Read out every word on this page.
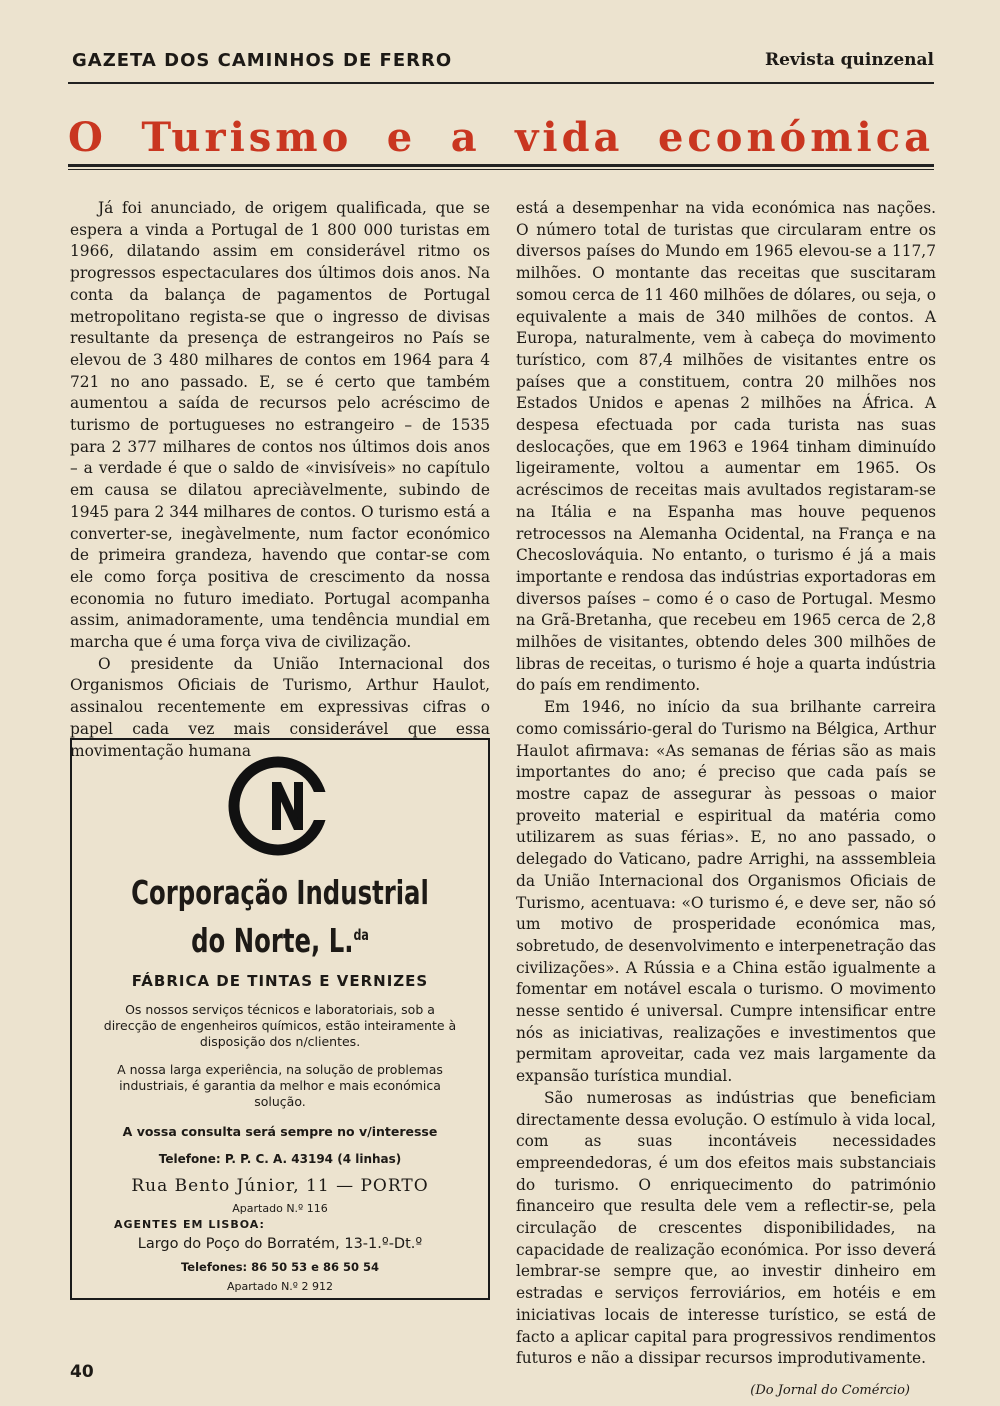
GAZETA DOS CAMINHOS DE FERRO	Revista quinzenal
O Turismo e a vida económica

Já foi anunciado, de origem qualificada, que se espera a vinda a Portugal de 1 800 000 turistas em 1966, dilatando assim em considerável ritmo os progressos espectaculares dos últimos dois anos. Na conta da balança de pagamentos de Portugal metropolitano regista-se que o ingresso de divisas resultante da presença de estrangeiros no País se elevou de 3 480 milhares de contos em 1964 para 4 721 no ano passado. E, se é certo que também aumentou a saída de recursos pelo acréscimo de turismo de portugueses no estrangeiro – de 1535 para 2 377 milhares de contos nos últimos dois anos – a verdade é que o saldo de «invisíveis» no capítulo em causa se dilatou apreciàvelmente, subindo de 1945 para 2 344 milhares de contos. O turismo está a converter-se, inegàvelmente, num factor económico de primeira grandeza, havendo que contar-se com ele como força positiva de crescimento da nossa economia no futuro imediato. Portugal acompanha assim, animadoramente, uma tendência mundial em marcha que é uma força viva de civilização.

O presidente da União Internacional dos Organismos Oficiais de Turismo, Arthur Haulot, assinalou recentemente em expressivas cifras o papel cada vez mais considerável que essa movimentação humana

está a desempenhar na vida económica nas nações. O número total de turistas que circularam entre os diversos países do Mundo em 1965 elevou-se a 117,7 milhões. O montante das receitas que suscitaram somou cerca de 11 460 milhões de dólares, ou seja, o equivalente a mais de 340 milhões de contos. A Europa, naturalmente, vem à cabeça do movimento turístico, com 87,4 milhões de visitantes entre os países que a constituem, contra 20 milhões nos Estados Unidos e apenas 2 milhões na África. A despesa efectuada por cada turista nas suas deslocações, que em 1963 e 1964 tinham diminuído ligeiramente, voltou a aumentar em 1965. Os acréscimos de receitas mais avultados registaram-se na Itália e na Espanha mas houve pequenos retrocessos na Alemanha Ocidental, na França e na Checoslováquia. No entanto, o turismo é já a mais importante e rendosa das indústrias exportadoras em diversos países – como é o caso de Portugal. Mesmo na Grã-Bretanha, que recebeu em 1965 cerca de 2,8 milhões de visitantes, obtendo deles 300 milhões de libras de receitas, o turismo é hoje a quarta indústria do país em rendimento.

Em 1946, no início da sua brilhante carreira como comissário-geral do Turismo na Bélgica, Arthur Haulot afirmava: «As semanas de férias são as mais importantes do ano; é preciso que cada país se mostre capaz de assegurar às pessoas o maior proveito material e espiritual da matéria como utilizarem as suas férias». E, no ano passado, o delegado do Vaticano, padre Arrighi, na asssembleia da União Internacional dos Organismos Oficiais de Turismo, acentuava: «O turismo é, e deve ser, não só um motivo de prosperidade económica mas, sobretudo, de desenvolvimento e interpenetração das civilizações». A Rússia e a China estão igualmente a fomentar em notável escala o turismo. O movimento nesse sentido é universal. Cumpre intensificar entre nós as iniciativas, realizações e investimentos que permitam aproveitar, cada vez mais largamente da expansão turística mundial.

São numerosas as indústrias que beneficiam directamente dessa evolução. O estímulo à vida local, com as suas incontáveis necessidades empreendedoras, é um dos efeitos mais substanciais do turismo. O enriquecimento do património financeiro que resulta dele vem a reflectir-se, pela circulação de crescentes disponibilidades, na capacidade de realização económica. Por isso deverá lembrar-se sempre que, ao investir dinheiro em estradas e serviços ferroviários, em hotéis e em iniciativas locais de interesse turístico, se está de facto a aplicar capital para progressivos rendimentos futuros e não a dissipar recursos improdutivamente.

(Do Jornal do Comércio)

Corporação Industrial
do Norte, L.$^{da}$
FÁBRICA DE TINTAS E VERNIZES
Os nossos serviços técnicos e laboratoriais, sob a direcção de engenheiros químicos, estão inteiramente à disposição dos n/clientes.
A nossa larga experiência, na solução de problemas industriais, é garantia da melhor e mais económica solução.
A vossa consulta será sempre no v/interesse
Telefone: P. P. C. A. 43194 (4 linhas)
Rua Bento Júnior, 11 — PORTO
Apartado N.º 116
AGENTES EM LISBOA:
Largo do Poço do Borratém, 13-1.º-Dt.º
Telefones: 86 50 53 e 86 50 54
Apartado N.º 2 912
40
